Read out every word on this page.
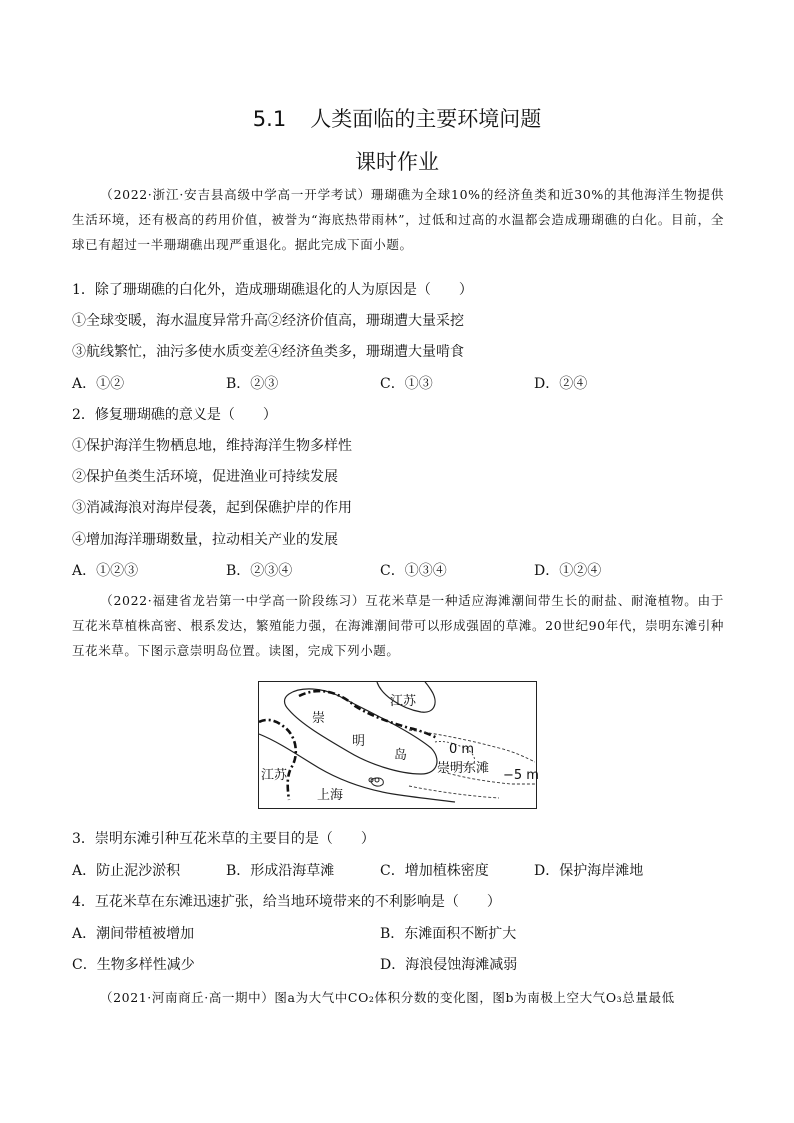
5.1 人类面临的主要环境问题
课时作业
（2022·浙江·安吉县高级中学高一开学考试）珊瑚礁为全球10%的经济鱼类和近30%的其他海洋生物提供生活环境，还有极高的药用价值，被誉为“海底热带雨林”，过低和过高的水温都会造成珊瑚礁的白化。目前，全球已有超过一半珊瑚礁出现严重退化。据此完成下面小题。
1．除了珊瑚礁的白化外，造成珊瑚礁退化的人为原因是（　　）
①全球变暖，海水温度异常升高②经济价值高，珊瑚遭大量采挖
③航线繁忙，油污多使水质变差④经济鱼类多，珊瑚遭大量啃食
A．①②	B．②③	C．①③	D．②④
2．修复珊瑚礁的意义是（　　）
①保护海洋生物栖息地，维持海洋生物多样性
②保护鱼类生活环境，促进渔业可持续发展
③消减海浪对海岸侵袭，起到保礁护岸的作用
④增加海洋珊瑚数量，拉动相关产业的发展
A．①②③	B．②③④	C．①③④	D．①②④
（2022·福建省龙岩第一中学高一阶段练习）互花米草是一种适应海滩潮间带生长的耐盐、耐淹植物。由于互花米草植株高密、根系发达，繁殖能力强，在海滩潮间带可以形成强固的草滩。20世纪90年代，崇明东滩引种互花米草。下图示意崇明岛位置。读图，完成下列小题。
江苏
崇
明
岛	0 m
崇明东滩 −5 m
江苏
上海
3．崇明东滩引种互花米草的主要目的是（　　）
A．防止泥沙淤积	B．形成沿海草滩	C．增加植株密度	D．保护海岸滩地
4．互花米草在东滩迅速扩张，给当地环境带来的不利影响是（　　）
A．潮间带植被增加	B．东滩面积不断扩大
C．生物多样性减少	D．海浪侵蚀海滩减弱
（2021·河南商丘·高一期中）图a为大气中CO₂体积分数的变化图，图b为南极上空大气O₃总量最低
